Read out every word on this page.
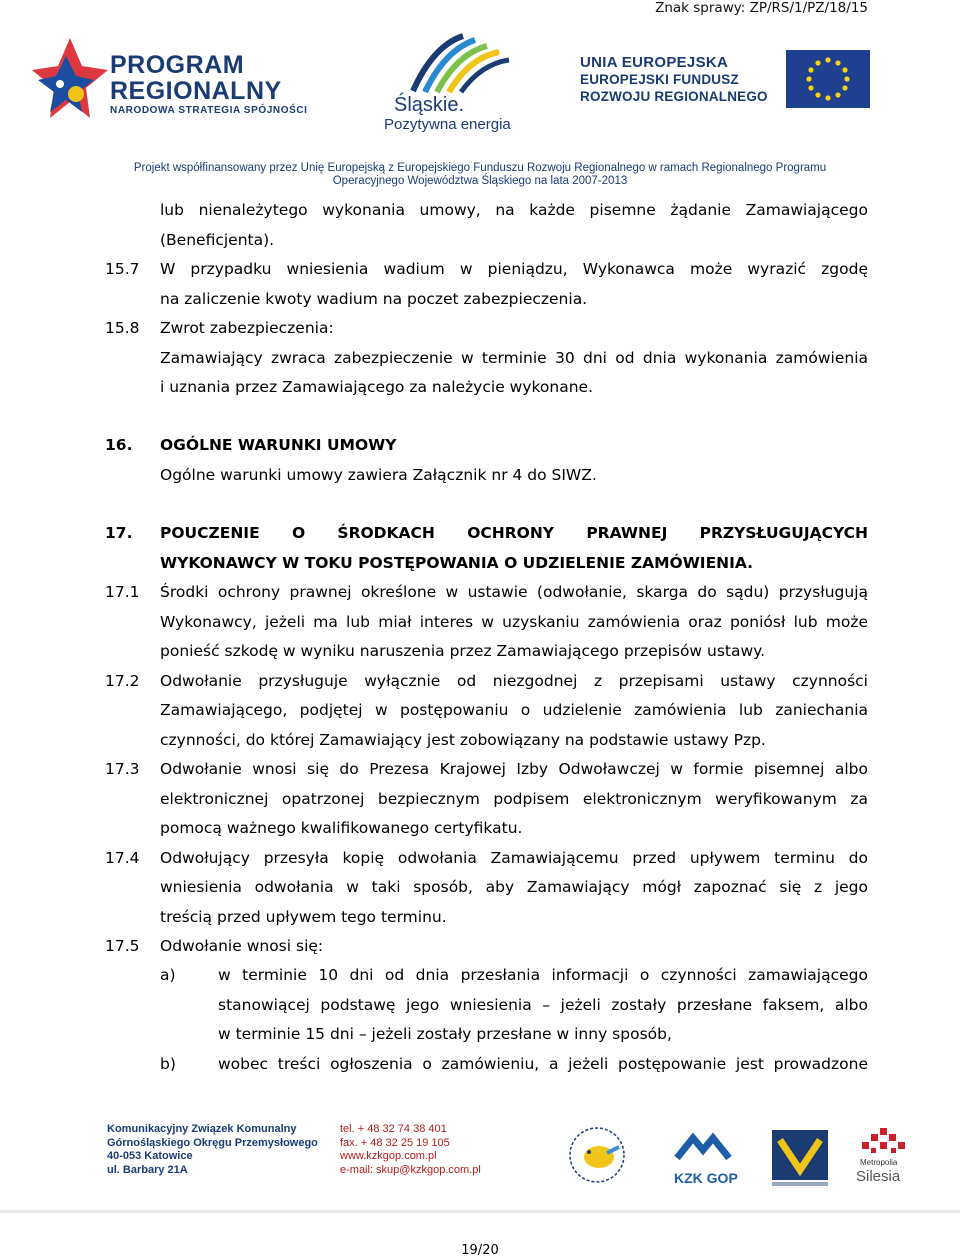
Znak sprawy: ZP/RS/1/PZ/18/15
PROGRAM
REGIONALNY
NARODOWA STRATEGIA SPÓJNOŚCI	Śląskie.
Pozytywna energia
UNIA EUROPEJSKA
EUROPEJSKI FUNDUSZ
ROZWOJU REGIONALNEGO
Projekt współfinansowany przez Unię Europejską z Europejskiego Funduszu Rozwoju Regionalnego w ramach Regionalnego Programu
Operacyjnego Województwa Śląskiego na lata 2007-2013
lub nienależytego wykonania umowy, na każde pisemne żądanie Zamawiającego
(Beneficjenta).
15.7 W przypadku wniesienia wadium w pieniądzu, Wykonawca może wyrazić zgodę
na zaliczenie kwoty wadium na poczet zabezpieczenia.
15.8 Zwrot zabezpieczenia:
Zamawiający zwraca zabezpieczenie w terminie 30 dni od dnia wykonania zamówienia
i uznania przez Zamawiającego za należycie wykonane.
16. OGÓLNE WARUNKI UMOWY
Ogólne warunki umowy zawiera Załącznik nr 4 do SIWZ.
17. POUCZENIE O ŚRODKACH OCHRONY PRAWNEJ PRZYSŁUGUJĄCYCH
WYKONAWCY W TOKU POSTĘPOWANIA O UDZIELENIE ZAMÓWIENIA.
17.1 Środki ochrony prawnej określone w ustawie (odwołanie, skarga do sądu) przysługują
Wykonawcy, jeżeli ma lub miał interes w uzyskaniu zamówienia oraz poniósł lub może
ponieść szkodę w wyniku naruszenia przez Zamawiającego przepisów ustawy.
17.2 Odwołanie przysługuje wyłącznie od niezgodnej z przepisami ustawy czynności
Zamawiającego, podjętej w postępowaniu o udzielenie zamówienia lub zaniechania
czynności, do której Zamawiający jest zobowiązany na podstawie ustawy Pzp.
17.3 Odwołanie wnosi się do Prezesa Krajowej Izby Odwoławczej w formie pisemnej albo
elektronicznej opatrzonej bezpiecznym podpisem elektronicznym weryfikowanym za
pomocą ważnego kwalifikowanego certyfikatu.
17.4 Odwołujący przesyła kopię odwołania Zamawiającemu przed upływem terminu do
wniesienia odwołania w taki sposób, aby Zamawiający mógł zapoznać się z jego
treścią przed upływem tego terminu.
17.5 Odwołanie wnosi się:
a)	w terminie 10 dni od dnia przesłania informacji o czynności zamawiającego
stanowiącej podstawę jego wniesienia – jeżeli zostały przesłane faksem, albo
w terminie 15 dni – jeżeli zostały przesłane w inny sposób,
b)	wobec treści ogłoszenia o zamówieniu, a jeżeli postępowanie jest prowadzone
Komunikacyjny Związek Komunalny
Górnośląskiego Okręgu Przemysłowego
40-053 Katowice
ul. Barbary 21A
tel. + 48 32 74 38 401
fax. + 48 32 25 19 105
www.kzkgop.com.pl
e-mail: skup@kzkgop.com.pl
KZK GOP
Metropolia
Silesia
19/20
